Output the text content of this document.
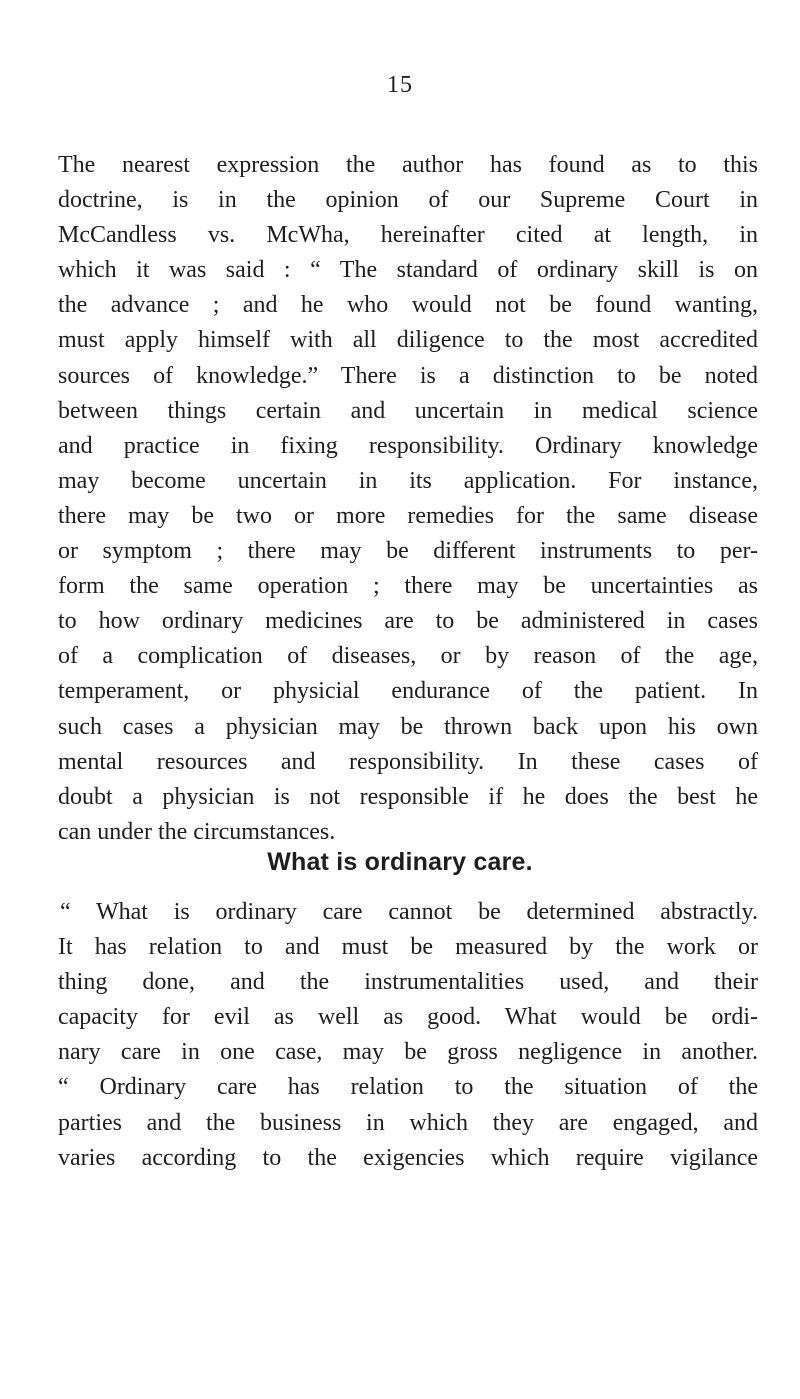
15
The nearest expression the author has found as to this
doctrine, is in the opinion of our Supreme Court in
McCandless vs. McWha, hereinafter cited at length, in
which it was said : “ The standard of ordinary skill is on
the advance ; and he who would not be found wanting,
must apply himself with all diligence to the most accredited
sources of knowledge.” There is a distinction to be noted
between things certain and uncertain in medical science
and practice in fixing responsibility. Ordinary knowledge
may become uncertain in its application. For instance,
there may be two or more remedies for the same disease
or symptom ; there may be different instruments to per-
form the same operation ; there may be uncertainties as
to how ordinary medicines are to be administered in cases
of a complication of diseases, or by reason of the age,
temperament, or physicial endurance of the patient. In
such cases a physician may be thrown back upon his own
mental resources and responsibility. In these cases of
doubt a physician is not responsible if he does the best he
can under the circumstances.
What is ordinary care.
“ What is ordinary care cannot be determined abstractly.
It has relation to and must be measured by the work or
thing done, and the instrumentalities used, and their
capacity for evil as well as good. What would be ordi-
nary care in one case, may be gross negligence in another.
“ Ordinary care has relation to the situation of the
parties and the business in which they are engaged, and
varies according to the exigencies which require vigilance
